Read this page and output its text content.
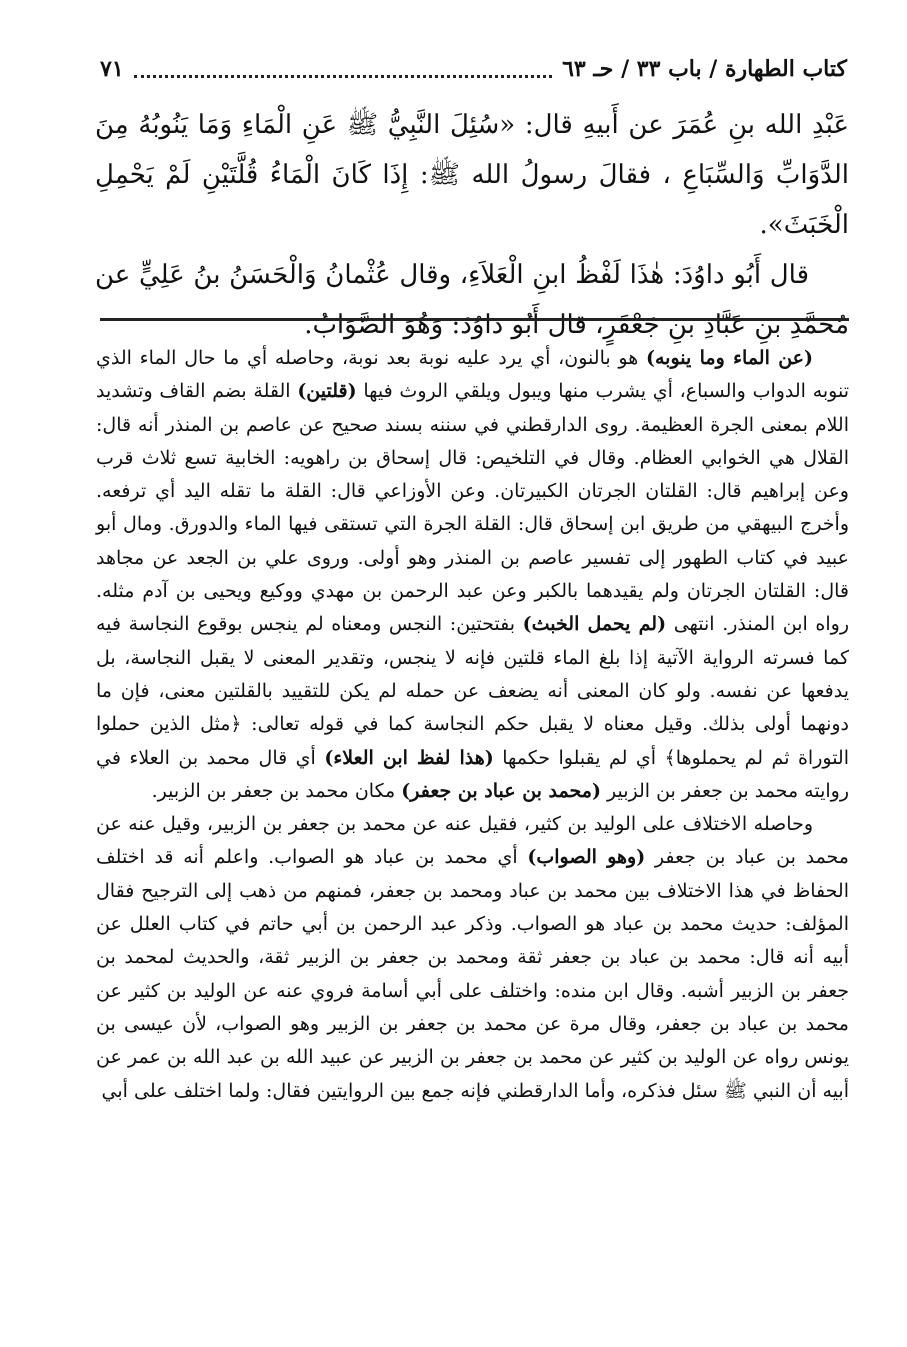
كتاب الطهارة / باب ٣٣ / حـ ٦٣
٧١

عَبْدِ الله بنِ عُمَرَ عن أَبيهِ قال: «سُئِلَ النَّبِيُّ ﷺ عَنِ الْمَاءِ وَمَا يَنُوبُهُ مِنَ الدَّوَابِّ وَالسِّبَاعِ ، فقالَ رسولُ الله ﷺ: إِذَا كَانَ الْمَاءُ قُلَّتَيْنِ لَمْ يَحْمِلِ الْخَبَثَ».

قال أَبُو داوُدَ: هٰذَا لَفْظُ ابنِ الْعَلاَءِ، وقال عُثْمانُ وَالْحَسَنُ بنُ عَلِيٍّ عن مُحمَّدِ بنِ عَبَّادِ بنِ جَعْفَرٍ، قال أَبُو داوُدَ: وَهُوَ الصَّوَابُ.

(عن الماء وما ينوبه) هو بالنون، أي يرد عليه نوبة بعد نوبة، وحاصله أي ما حال الماء الذي تنوبه الدواب والسباع، أي يشرب منها ويبول ويلقي الروث فيها (قلتين) القلة بضم القاف وتشديد اللام بمعنى الجرة العظيمة. روى الدارقطني في سننه بسند صحيح عن عاصم بن المنذر أنه قال: القلال هي الخوابي العظام. وقال في التلخيص: قال إسحاق بن راهويه: الخابية تسع ثلاث قرب وعن إبراهيم قال: القلتان الجرتان الكبيرتان. وعن الأوزاعي قال: القلة ما تقله اليد أي ترفعه. وأخرج البيهقي من طريق ابن إسحاق قال: القلة الجرة التي تستقى فيها الماء والدورق. ومال أبو عبيد في كتاب الطهور إلى تفسير عاصم بن المنذر وهو أولى. وروى علي بن الجعد عن مجاهد قال: القلتان الجرتان ولم يقيدهما بالكبر وعن عبد الرحمن بن مهدي ووكيع ويحيى بن آدم مثله. رواه ابن المنذر. انتهى (لم يحمل الخبث) بفتحتين: النجس ومعناه لم ينجس بوقوع النجاسة فيه كما فسرته الرواية الآتية إذا بلغ الماء قلتين فإنه لا ينجس، وتقدير المعنى لا يقبل النجاسة، بل يدفعها عن نفسه. ولو كان المعنى أنه يضعف عن حمله لم يكن للتقييد بالقلتين معنى، فإن ما دونهما أولى بذلك. وقيل معناه لا يقبل حكم النجاسة كما في قوله تعالى: ﴿مثل الذين حملوا التوراة ثم لم يحملوها﴾ أي لم يقبلوا حكمها (هذا لفظ ابن العلاء) أي قال محمد بن العلاء في روايته محمد بن جعفر بن الزبير (محمد بن عباد بن جعفر) مكان محمد بن جعفر بن الزبير.

وحاصله الاختلاف على الوليد بن كثير، فقيل عنه عن محمد بن جعفر بن الزبير، وقيل عنه عن محمد بن عباد بن جعفر (وهو الصواب) أي محمد بن عباد هو الصواب. واعلم أنه قد اختلف الحفاظ في هذا الاختلاف بين محمد بن عباد ومحمد بن جعفر، فمنهم من ذهب إلى الترجيح فقال المؤلف: حديث محمد بن عباد هو الصواب. وذكر عبد الرحمن بن أبي حاتم في كتاب العلل عن أبيه أنه قال: محمد بن عباد بن جعفر ثقة ومحمد بن جعفر بن الزبير ثقة، والحديث لمحمد بن جعفر بن الزبير أشبه. وقال ابن منده: واختلف على أبي أسامة فروي عنه عن الوليد بن كثير عن محمد بن عباد بن جعفر، وقال مرة عن محمد بن جعفر بن الزبير وهو الصواب، لأن عيسى بن يونس رواه عن الوليد بن كثير عن محمد بن جعفر بن الزبير عن عبيد الله بن عبد الله بن عمر عن أبيه أن النبي ﷺ سئل فذكره، وأما الدارقطني فإنه جمع بين الروايتين فقال: ولما اختلف على أبي
